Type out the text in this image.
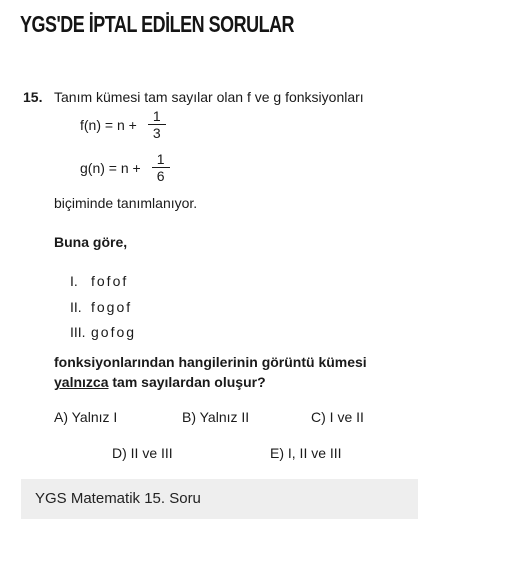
YGS'DE İPTAL EDİLEN SORULAR
15. Tanım kümesi tam sayılar olan f ve g fonksiyonları
$f(n) = n + \frac{1}{3}$
$g(n) = n + \frac{1}{6}$
biçiminde tanımlanıyor.
Buna göre,
I. fofof
II. fogof
III. gofog
fonksiyonlarından hangilerinin görüntü kümesi
yalnızca tam sayılardan oluşur?
A) Yalnız I	B) Yalnız II	C) I ve II
D) II ve III	E) I, II ve III
YGS Matematik 15. Soru
